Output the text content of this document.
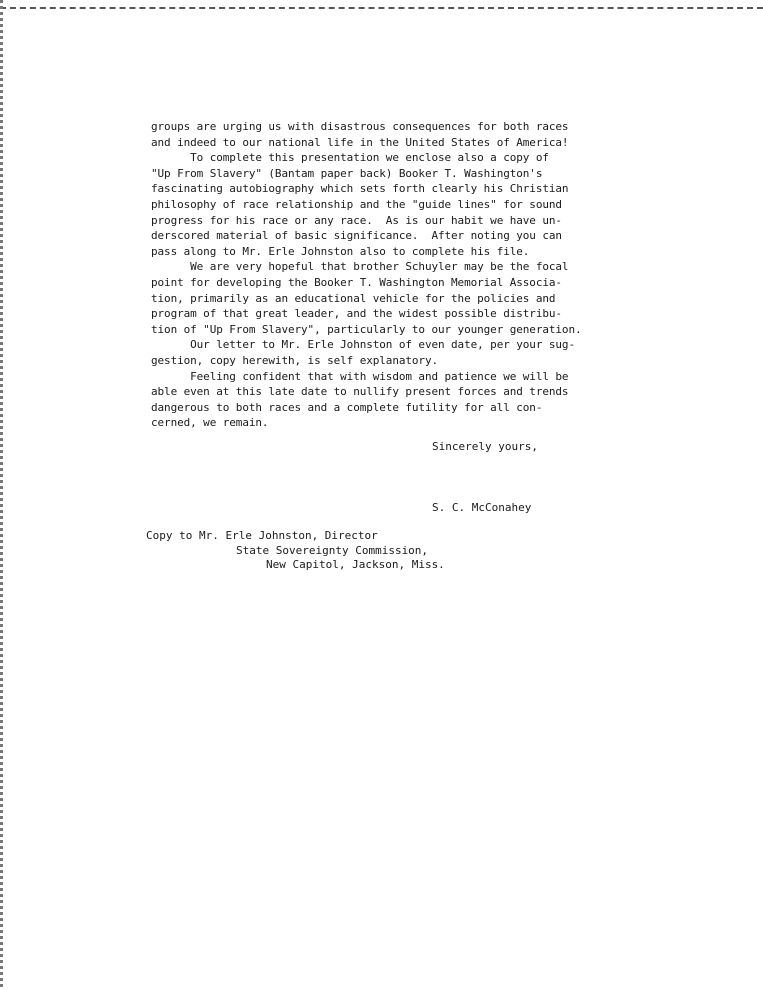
groups are urging us with disastrous consequences for both races
and indeed to our national life in the United States of America!
To complete this presentation we enclose also a copy of
"Up From Slavery" (Bantam paper back) Booker T. Washington's
fascinating autobiography which sets forth clearly his Christian
philosophy of race relationship and the "guide lines" for sound
progress for his race or any race.  As is our habit we have un-
derscored material of basic significance.  After noting you can
pass along to Mr. Erle Johnston also to complete his file.
We are very hopeful that brother Schuyler may be the focal
point for developing the Booker T. Washington Memorial Associa-
tion, primarily as an educational vehicle for the policies and
program of that great leader, and the widest possible distribu-
tion of "Up From Slavery", particularly to our younger generation.
Our letter to Mr. Erle Johnston of even date, per your sug-
gestion, copy herewith, is self explanatory.
Feeling confident that with wisdom and patience we will be
able even at this late date to nullify present forces and trends
dangerous to both races and a complete futility for all con-
cerned, we remain.
Sincerely yours,
S. C. McConahey
Copy to Mr. Erle Johnston, Director
State Sovereignty Commission,
New Capitol, Jackson, Miss.
